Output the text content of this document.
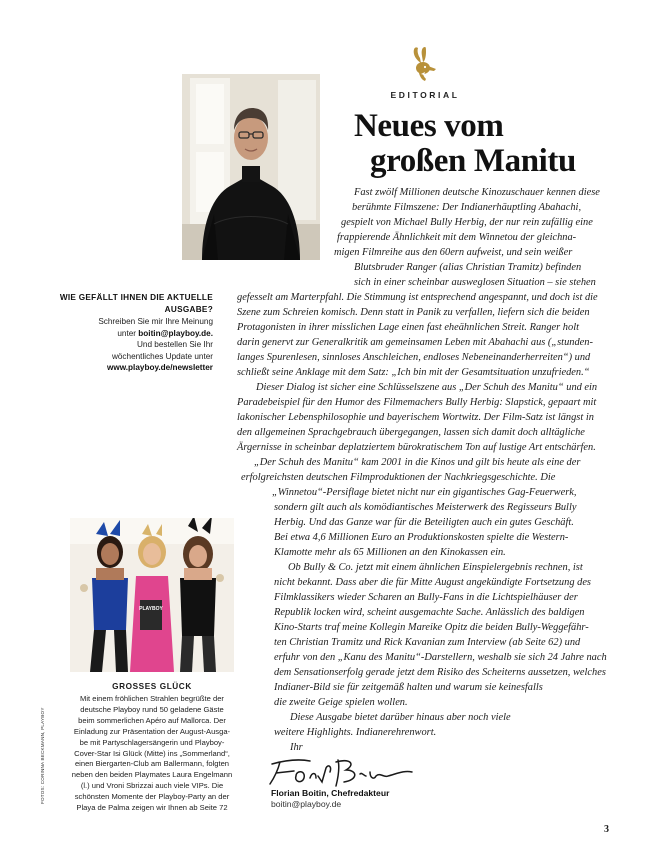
EDITORIAL
Neues vom
großen Manitu
WIE GEFÄLLT IHNEN DIE AKTUELLE AUSGABE?
Schreiben Sie mir Ihre Meinung
unter boitin@playboy.de.
Und bestellen Sie Ihr
wöchentliches Update unter
www.playboy.de/newsletter
Fast zwölf Millionen deutsche Kinozuschauer kennen diese
berühmte Filmszene: Der Indianerhäuptling Abahachi,
gespielt von Michael Bully Herbig, der nur rein zufällig eine
frappierende Ähnlichkeit mit dem Winnetou der gleichna-
migen Filmreihe aus den 60ern aufweist, und sein weißer
Blutsbruder Ranger (alias Christian Tramitz) befinden
sich in einer scheinbar ausweglosen Situation – sie stehen
gefesselt am Marterpfahl. Die Stimmung ist entsprechend angespannt, und doch ist die
Szene zum Schreien komisch. Denn statt in Panik zu verfallen, liefern sich die beiden
Protagonisten in ihrer misslichen Lage einen fast eheähnlichen Streit. Ranger holt
darin genervt zur Generalkritik am gemeinsamen Leben mit Abahachi aus („stunden-
langes Spurenlesen, sinnloses Anschleichen, endloses Nebeneinanderherreiten“) und
schließt seine Anklage mit dem Satz: „Ich bin mit der Gesamtsituation unzufrieden.“
Dieser Dialog ist sicher eine Schlüsselszene aus „Der Schuh des Manitu“ und ein
Paradebeispiel für den Humor des Filmemachers Bully Herbig: Slapstick, gepaart mit
lakonischer Lebensphilosophie und bayerischem Wortwitz. Der Film-Satz ist längst in
den allgemeinen Sprachgebrauch übergegangen, lassen sich damit doch alltägliche
Ärgernisse in scheinbar deplatziertem bürokratischem Ton auf lustige Art entschärfen.
„Der Schuh des Manitu“ kam 2001 in die Kinos und gilt bis heute als eine der
erfolgreichsten deutschen Filmproduktionen der Nachkriegsgeschichte. Die
„Winnetou“-Persiflage bietet nicht nur ein gigantisches Gag-Feuerwerk,
sondern gilt auch als komödiantisches Meisterwerk des Regisseurs Bully
Herbig. Und das Ganze war für die Beteiligten auch ein gutes Geschäft.
Bei etwa 4,6 Millionen Euro an Produktionskosten spielte die Western-
Klamotte mehr als 65 Millionen an den Kinokassen ein.
Ob Bully & Co. jetzt mit einem ähnlichen Einspielergebnis rechnen, ist
nicht bekannt. Dass aber die für Mitte August angekündigte Fortsetzung des
Filmklassikers wieder Scharen an Bully-Fans in die Lichtspielhäuser der
Republik locken wird, scheint ausgemachte Sache. Anlässlich des baldigen
Kino-Starts traf meine Kollegin Mareike Opitz die beiden Bully-Weggefähr-
ten Christian Tramitz und Rick Kavanian zum Interview (ab Seite 62) und
erfuhr von den „Kanu des Manitu“-Darstellern, weshalb sie sich 24 Jahre nach
dem Sensationserfolg gerade jetzt dem Risiko des Scheiterns aussetzen, welches
Indianer-Bild sie für zeitgemäß halten und warum sie keinesfalls
die zweite Geige spielen wollen.
Diese Ausgabe bietet darüber hinaus aber noch viele
weitere Highlights. Indianerehrenwort.
Ihr
PLAYBOY
GROSSES GLÜCK
Mit einem fröhlichen Strahlen begrüßte der
deutsche Playboy rund 50 geladene Gäste
beim sommerlichen Apéro auf Mallorca. Der
Einladung zur Präsentation der August-Ausga-
be mit Partyschlagersängerin und Playboy-
Cover-Star Isi Glück (Mitte) ins „Sommerland“,
einen Biergarten-Club am Ballermann, folgten
neben den beiden Playmates Laura Engelmann
(l.) und Vroni Sbrizzai auch viele VIPs. Die
schönsten Momente der Playboy-Party an der
Playa de Palma zeigen wir Ihnen ab Seite 72
FOTOS: CORINNA BECKMANN, PLAYBOY	Florian Boitin, Chefredakteur
boitin@playboy.de
3
